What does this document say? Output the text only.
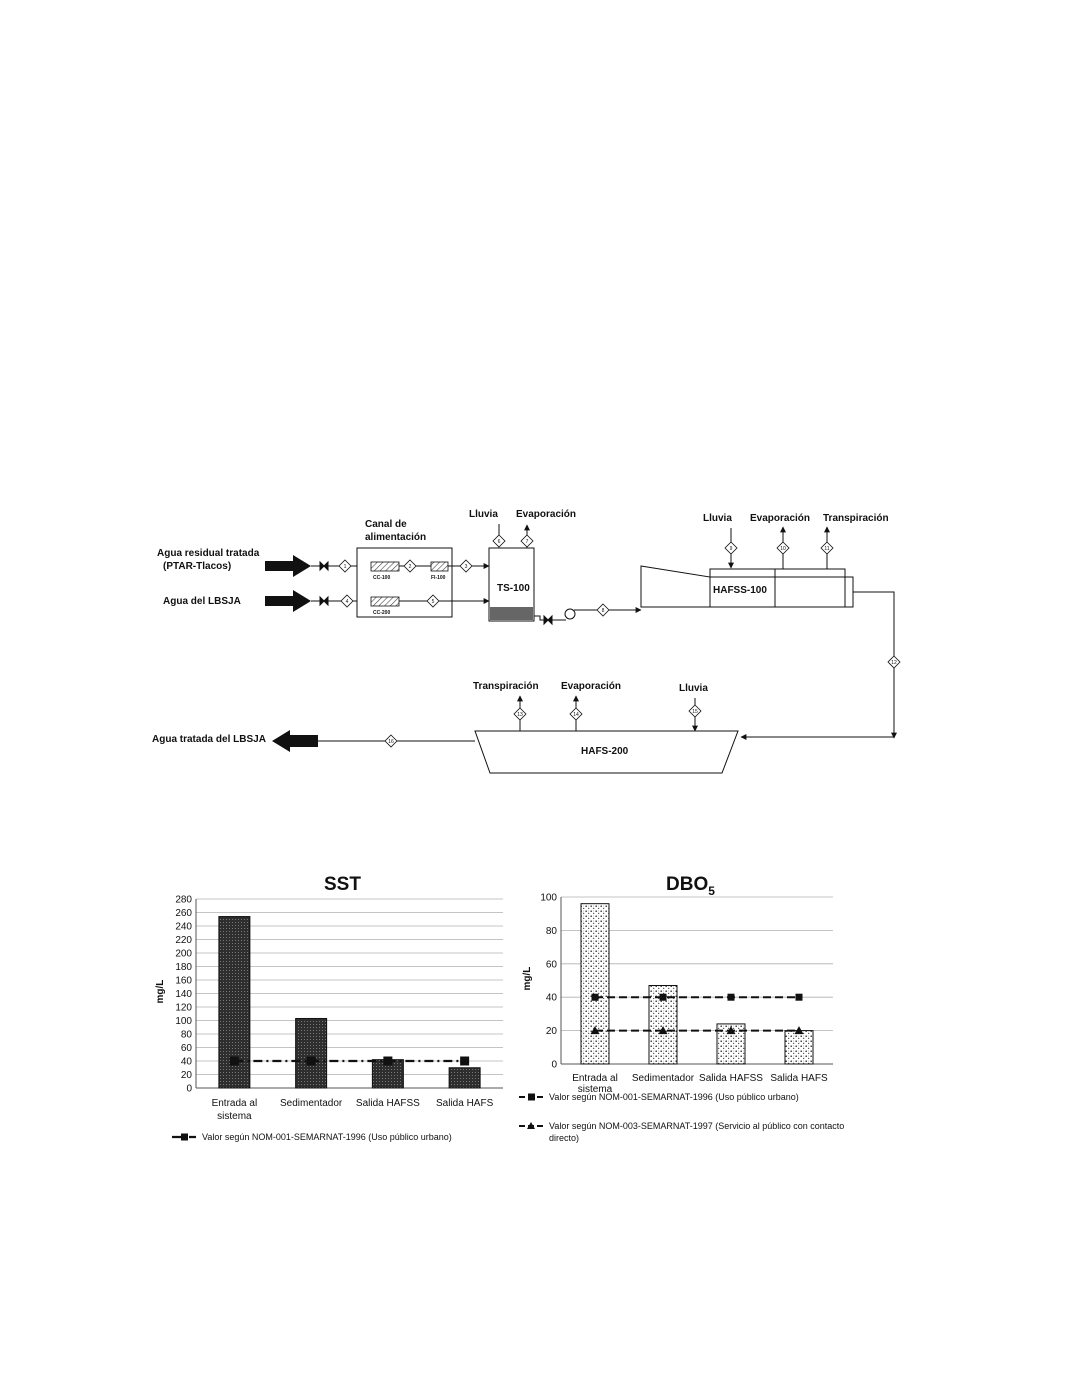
Agua residual tratada
(PTAR-Tlacos)
Agua del LBSJA
Canal de
alimentación
CC-100	FI-100
CC-200
TS-100
Lluvia Evaporación
HAFSS-100
Lluvia Evaporación Transpiración
HAFS-200
Transpiración Evaporación	Lluvia
Agua tratada del LBSJA
1	2	3
4	5
6	7
8
9	10	11
12
13	14	15
16
SST
0
20
40
60
80
100
120
140
160
180
200
220
240
260
280
mg/L
Entrada al
sistema
Sedimentador Salida HAFSS Salida HAFS
Valor según NOM-001-SEMARNAT-1996 (Uso público urbano)
$DBO_5$
0
20
40
60
80
100
mg/L
Entrada al
sistema
Sedimentador Salida HAFSS Salida HAFS
Valor según NOM-001-SEMARNAT-1996 (Uso público urbano)
Valor según NOM-003-SEMARNAT-1997 (Servicio al público con contacto
directo)
